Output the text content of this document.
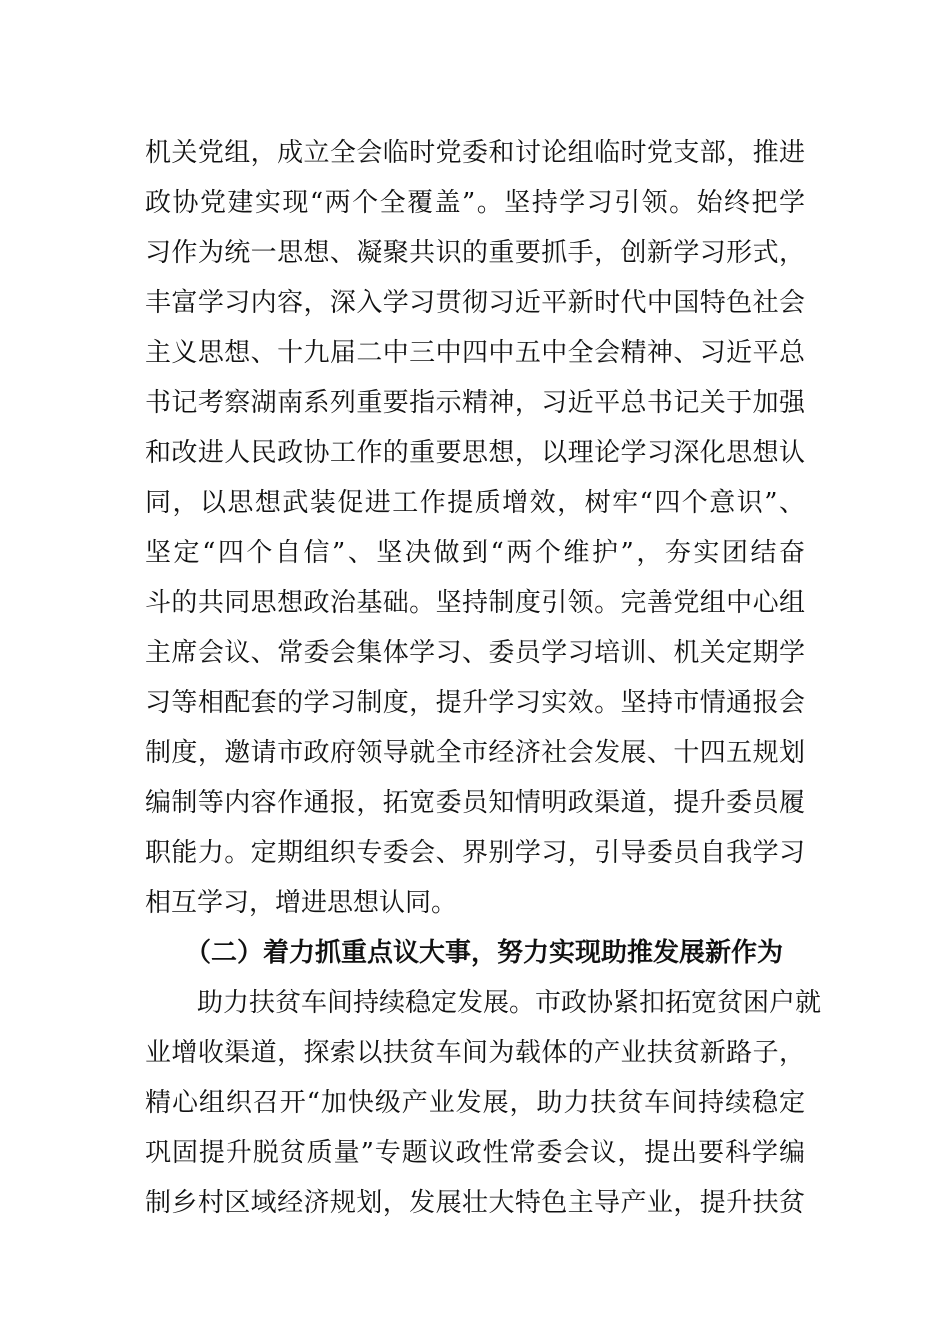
机关党组，成立全会临时党委和讨论组临时党支部，推进
政协党建实现“两个全覆盖”。坚持学习引领。始终把学
习作为统一思想、凝聚共识的重要抓手，创新学习形式，
丰富学习内容，深入学习贯彻习近平新时代中国特色社会
主义思想、十九届二中三中四中五中全会精神、习近平总
书记考察湖南系列重要指示精神，习近平总书记关于加强
和改进人民政协工作的重要思想，以理论学习深化思想认
同，以思想武装促进工作提质增效，树牢“四个意识”、
坚定“四个自信”、坚决做到“两个维护”，夯实团结奋
斗的共同思想政治基础。坚持制度引领。完善党组中心组
主席会议、常委会集体学习、委员学习培训、机关定期学
习等相配套的学习制度，提升学习实效。坚持市情通报会
制度，邀请市政府领导就全市经济社会发展、十四五规划
编制等内容作通报，拓宽委员知情明政渠道，提升委员履
职能力。定期组织专委会、界别学习，引导委员自我学习
相互学习，增进思想认同。
（二）着力抓重点议大事，努力实现助推发展新作为
助力扶贫车间持续稳定发展。市政协紧扣拓宽贫困户就
业增收渠道，探索以扶贫车间为载体的产业扶贫新路子，
精心组织召开“加快级产业发展，助力扶贫车间持续稳定
巩固提升脱贫质量”专题议政性常委会议，提出要科学编
制乡村区域经济规划，发展壮大特色主导产业，提升扶贫
